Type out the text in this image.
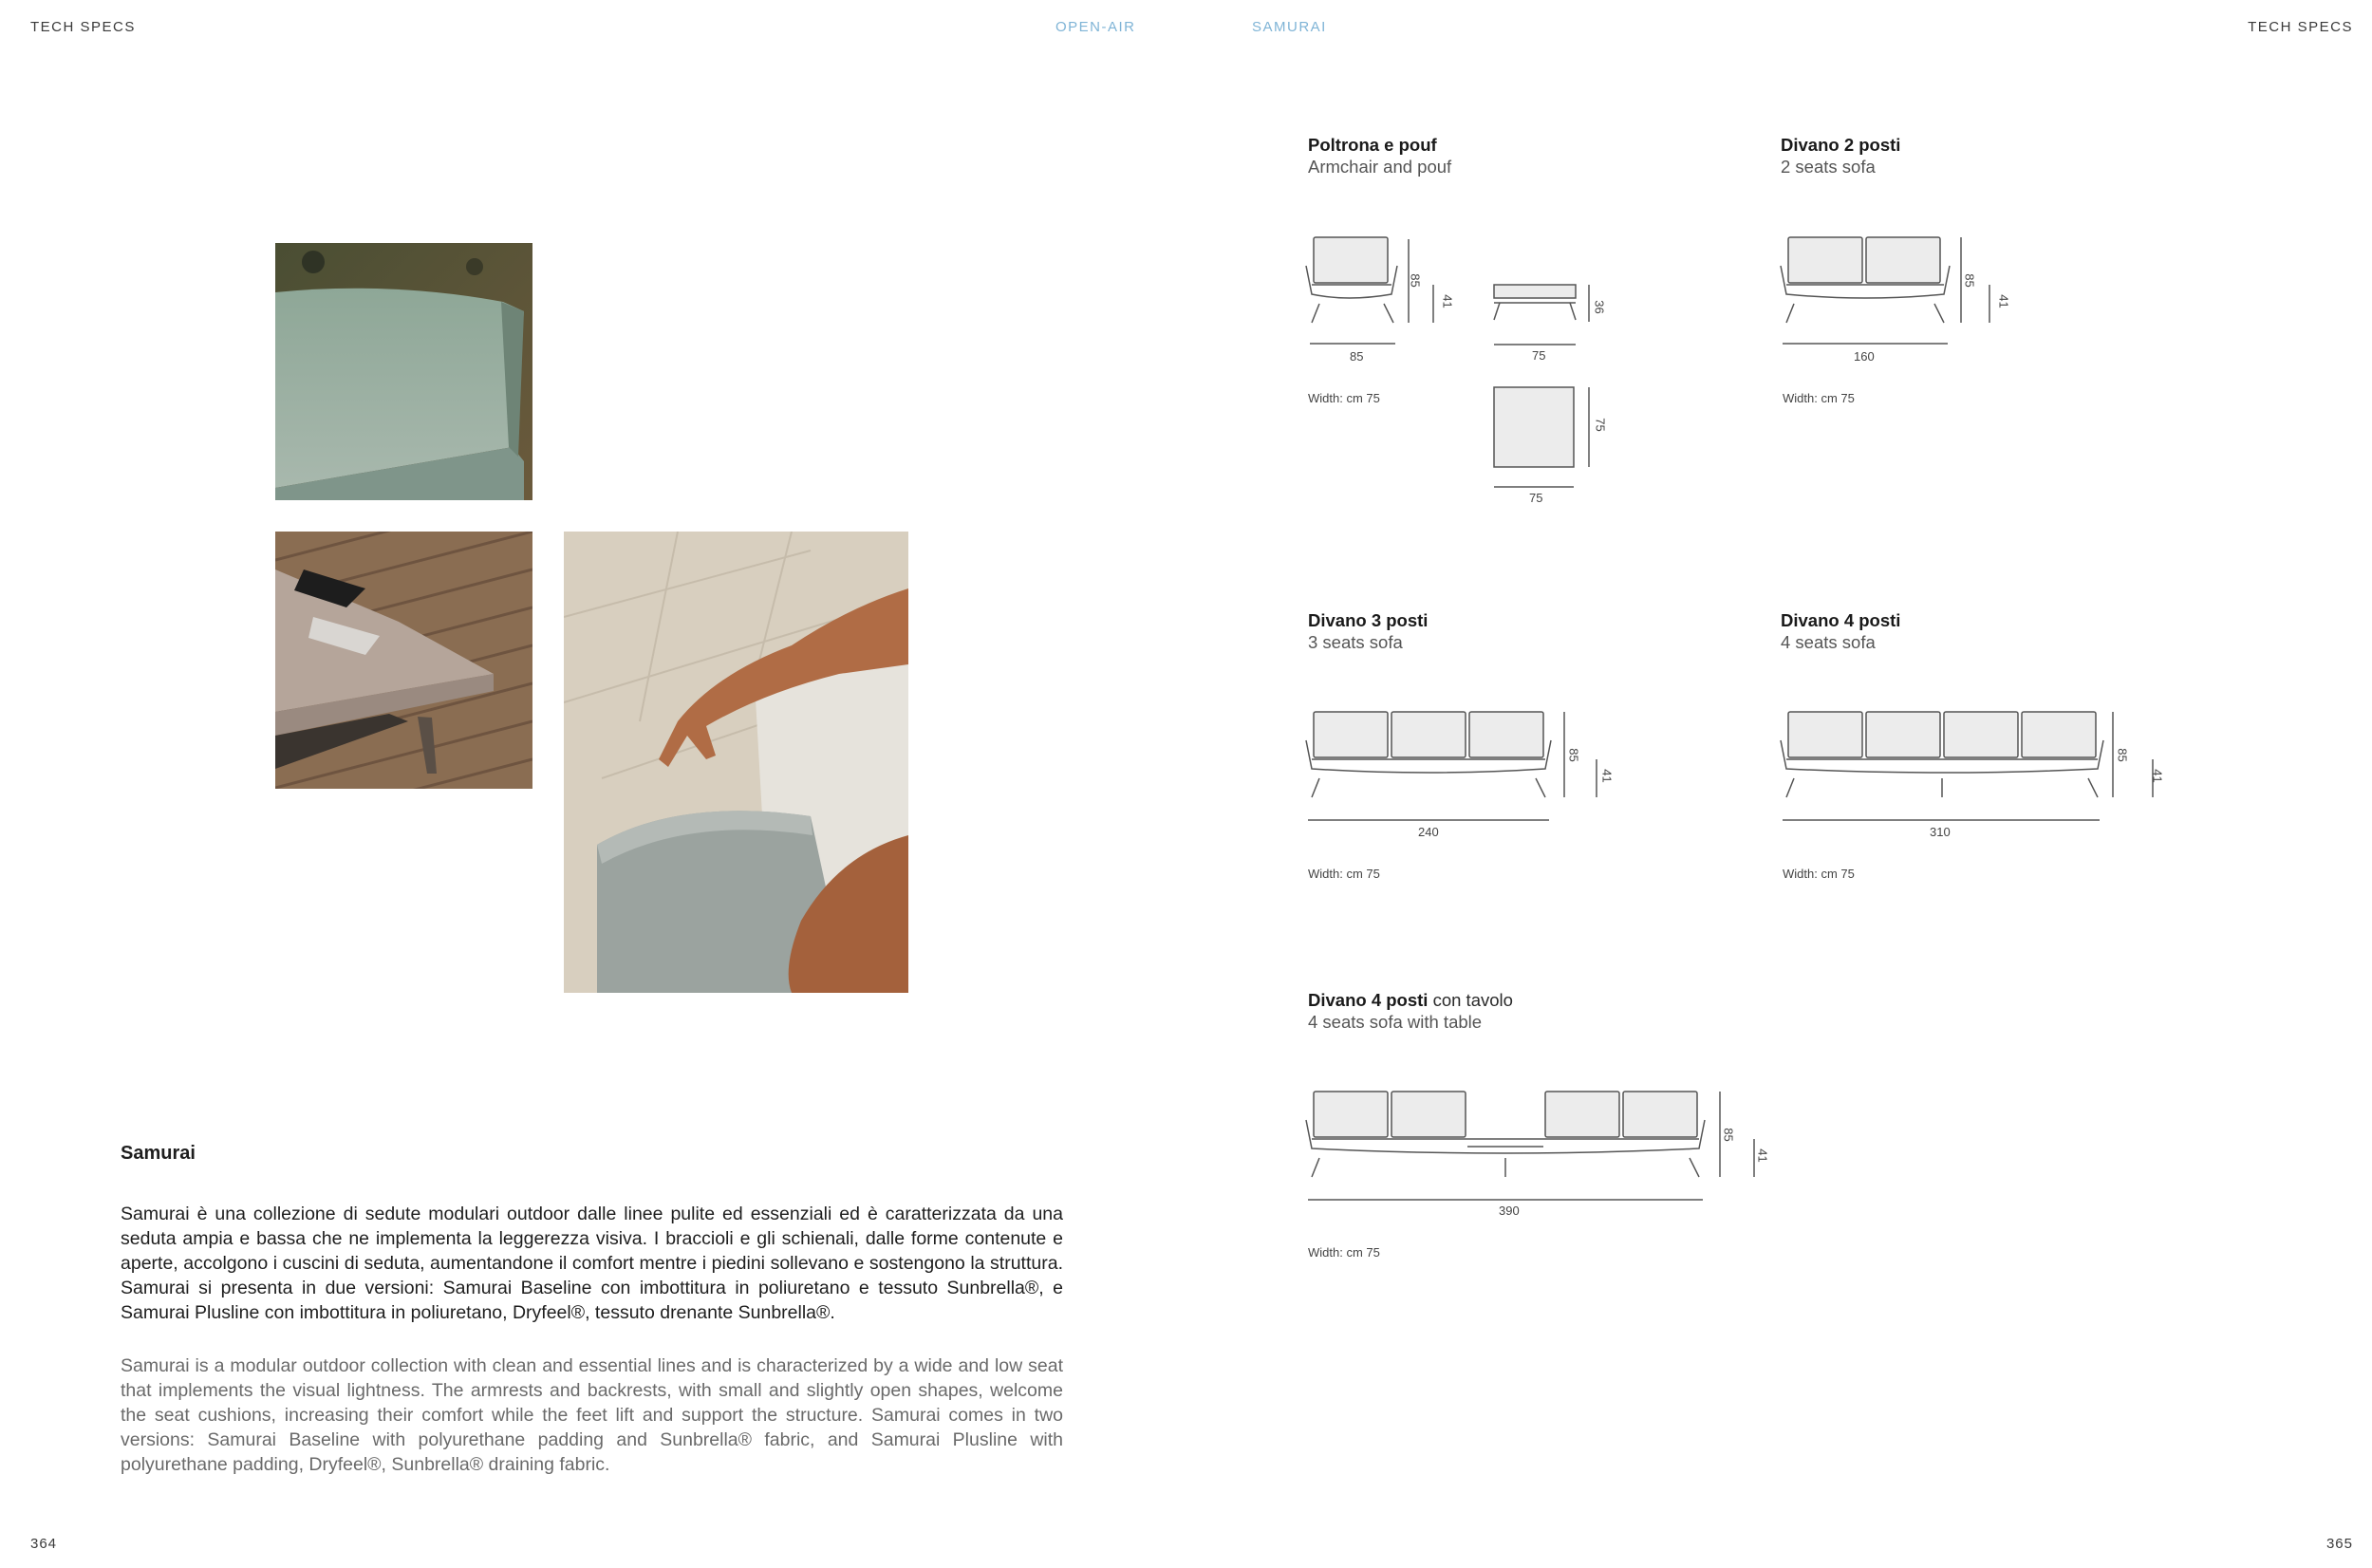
TECH SPECS	OPEN-AIR	SAMURAI	TECH SPECS
Samurai
Samurai è una collezione di sedute modulari outdoor dalle linee pulite ed essenziali ed è caratterizzata da una seduta ampia e bassa che ne implementa la leggerezza visiva. I braccioli e gli schienali, dalle forme contenute e aperte, accolgono i cuscini di seduta, aumentandone il comfort mentre i piedini sollevano e sostengono la struttura. Samurai si presenta in due versioni: Samurai Baseline con imbottitura in poliuretano e tessuto Sunbrella®, e Samurai Plusline con imbottitura in poliuretano, Dryfeel®, tessuto drenante Sunbrella®.
Samurai is a modular outdoor collection with clean and essential lines and is characterized by a wide and low seat that implements the visual lightness. The armrests and backrests, with small and slightly open shapes, welcome the seat cushions, increasing their comfort while the feet lift and support the structure. Samurai comes in two versions: Samurai Baseline with polyurethane padding and Sunbrella® fabric, and Samurai Plusline with polyurethane padding, Dryfeel®, Sunbrella® draining fabric.
364	365
Poltrona e pouf
Armchair and pouf
85
41
85
36
75
75
75
Width: cm 75
Divano 2 posti
2 seats sofa
85
41
160
Width: cm 75
Divano 3 posti
3 seats sofa
85
41
240
Width: cm 75
Divano 4 posti
4 seats sofa
85
41
310
Width: cm 75
Divano 4 posti con tavolo
4 seats sofa with table
85
41
390
Width: cm 75
